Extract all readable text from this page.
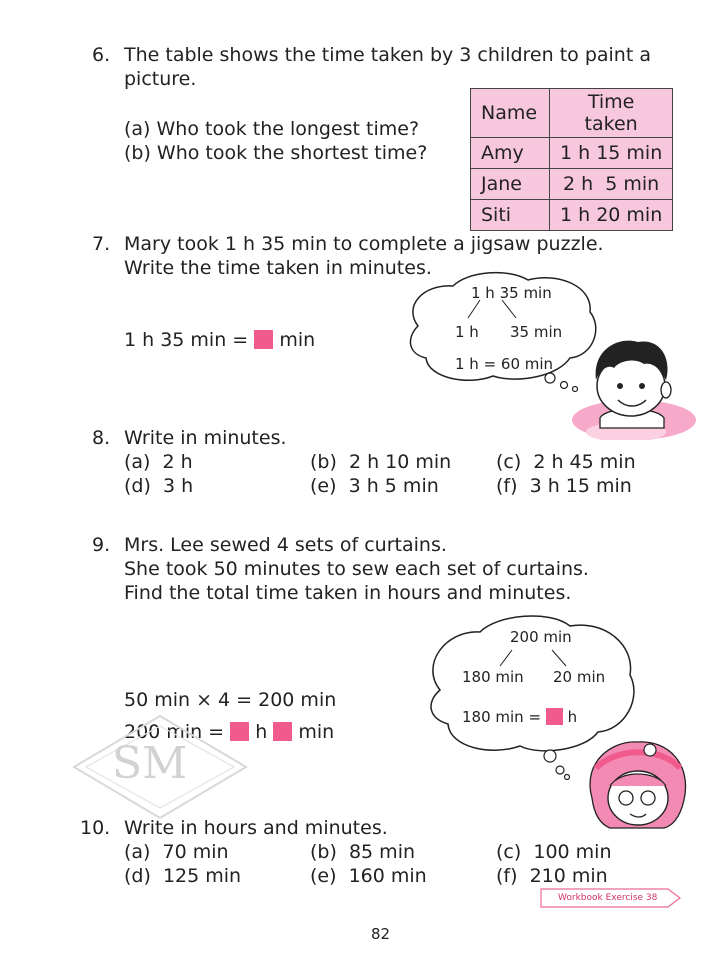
6. The table shows the time taken by 3 children to paint a
picture.
(a) Who took the longest time?
(b) Who took the shortest time?
Name	Time taken
Amy	1 h 15 min
Jane	2 h  5 min
Siti	1 h 20 min
7. Mary took 1 h 35 min to complete a jigsaw puzzle.
Write the time taken in minutes.
1 h 35 min = min
1 h 35 min
1 h 35 min
1 h = 60 min
8. Write in minutes.
(a)  2 h	(b)  2 h 10 min (c)  2 h 45 min
(d)  3 h	(e)  3 h 5 min	(f)  3 h 15 min
9. Mrs. Lee sewed 4 sets of curtains.
She took 50 minutes to sew each set of curtains.
Find the total time taken in hours and minutes.
50 min × 4 = 200 min
200 min = h min
200 min
180 min 20 min
180 min = h
SM
10. Write in hours and minutes.
(a)  70 min	(b)  85 min	(c)  100 min
(d)  125 min	(e)  160 min	(f)  210 min
Workbook Exercise 38
82
